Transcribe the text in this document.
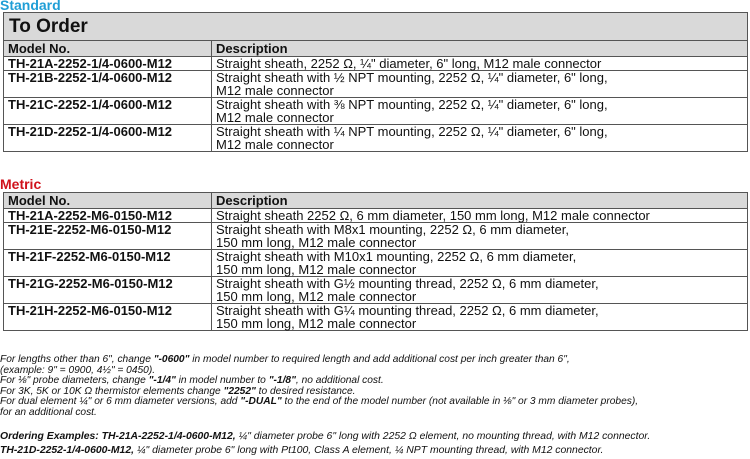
Standard
To Order	
Model No.	Description
TH-21A-2252-1/4-0600-M12	Straight sheath, 2252 Ω, ¼" diameter, 6" long, M12 male connector
TH-21B-2252-1/4-0600-M12	Straight sheath with ½ NPT mounting, 2252 Ω, ¼" diameter, 6" long,
M12 male connector
TH-21C-2252-1/4-0600-M12	Straight sheath with ⅜ NPT mounting, 2252 Ω, ¼" diameter, 6" long,
M12 male connector
TH-21D-2252-1/4-0600-M12	Straight sheath with ¼ NPT mounting, 2252 Ω, ¼" diameter, 6" long,
M12 male connector
Metric
Model No.	Description
TH-21A-2252-M6-0150-M12	Straight sheath 2252 Ω, 6 mm diameter, 150 mm long, M12 male connector
TH-21E-2252-M6-0150-M12	Straight sheath with M8x1 mounting, 2252 Ω, 6 mm diameter,
150 mm long, M12 male connector
TH-21F-2252-M6-0150-M12	Straight sheath with M10x1 mounting, 2252 Ω, 6 mm diameter,
150 mm long, M12 male connector
TH-21G-2252-M6-0150-M12	Straight sheath with G½ mounting thread, 2252 Ω, 6 mm diameter,
150 mm long, M12 male connector
TH-21H-2252-M6-0150-M12	Straight sheath with G¼ mounting thread, 2252 Ω, 6 mm diameter,
150 mm long, M12 male connector

For lengths other than 6", change "-0600" in model number to required length and add additional cost per inch greater than 6",

(example: 9" = 0900, 4½" = 0450).

For ⅛" probe diameters, change "-1/4" in model number to "-1/8", no additional cost.

For 3K, 5K or 10K Ω thermistor elements change "2252" to desired resistance.

For dual element ¼" or 6 mm diameter versions, add "-DUAL" to the end of the model number (not available in ⅛" or 3 mm diameter probes),

for an additional cost.

Ordering Examples: TH-21A-2252-1/4-0600-M12, ¼" diameter probe 6" long with 2252 Ω element, no mounting thread, with M12 connector.

TH-21D-2252-1/4-0600-M12, ¼" diameter probe 6" long with Pt100, Class A element, ¼ NPT mounting thread, with M12 connector.
